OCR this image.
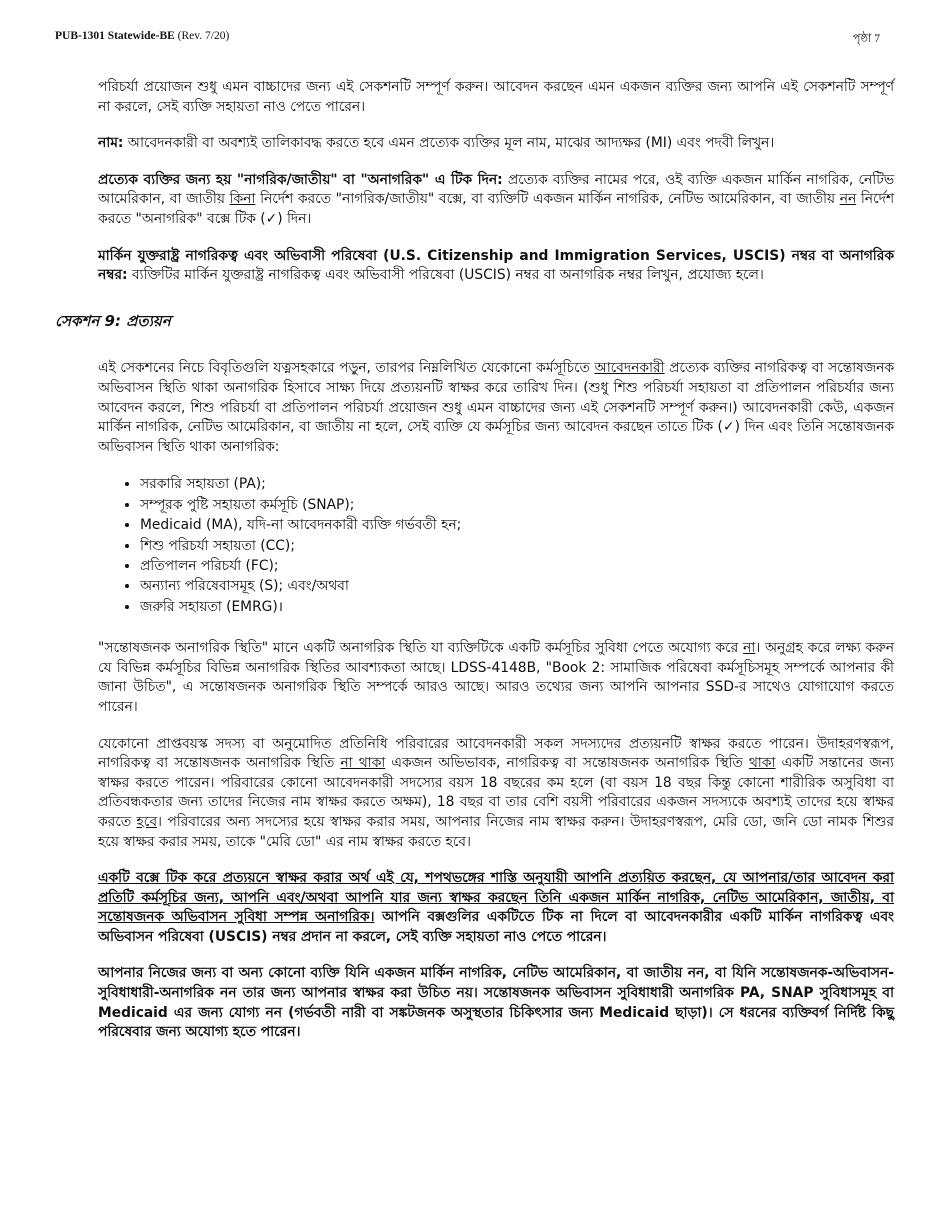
PUB-1301 Statewide-BE (Rev. 7/20)	পৃষ্ঠা 7

পরিচর্যা প্রয়োজন শুধু এমন বাচ্চাদের জন্য এই সেকশনটি সম্পূর্ণ করুন। আবেদন করছেন এমন একজন ব্যক্তির জন্য আপনি এই সেকশনটি সম্পূর্ণ না করলে, সেই ব্যক্তি সহায়তা নাও পেতে পারেন।

নাম: আবেদনকারী বা অবশ্যই তালিকাবদ্ধ করতে হবে এমন প্রত্যেক ব্যক্তির মূল নাম, মাঝের আদ্যক্ষর (MI) এবং পদবী লিখুন।

প্রত্যেক ব্যক্তির জন্য হয় "নাগরিক/জাতীয়" বা "অনাগরিক" এ টিক দিন: প্রত্যেক ব্যক্তির নামের পরে, ওই ব্যক্তি একজন মার্কিন নাগরিক, নেটিভ আমেরিকান, বা জাতীয় কিনা নির্দেশ করতে "নাগরিক/জাতীয়" বক্সে, বা ব্যক্তিটি একজন মার্কিন নাগরিক, নেটিভ আমেরিকান, বা জাতীয় নন নির্দেশ করতে "অনাগরিক" বক্সে টিক (✓) দিন।

মার্কিন যুক্তরাষ্ট্র নাগরিকত্ব এবং অভিবাসী পরিষেবা (U.S. Citizenship and Immigration Services, USCIS) নম্বর বা অনাগরিক নম্বর: ব্যক্তিটির মার্কিন যুক্তরাষ্ট্র নাগরিকত্ব এবং অভিবাসী পরিষেবা (USCIS) নম্বর বা অনাগরিক নম্বর লিখুন, প্রযোজ্য হলে।

সেকশন 9: প্রত্যয়ন

এই সেকশনের নিচে বিবৃতিগুলি যত্নসহকারে পড়ুন, তারপর নিম্নলিখিত যেকোনো কর্মসূচিতে আবেদনকারী প্রত্যেক ব্যক্তির নাগরিকত্ব বা সন্তোষজনক অভিবাসন স্থিতি থাকা অনাগরিক হিসাবে সাক্ষ্য দিয়ে প্রত্যয়নটি স্বাক্ষর করে তারিখ দিন। (শুধু শিশু পরিচর্যা সহায়তা বা প্রতিপালন পরিচর্যার জন্য আবেদন করলে, শিশু পরিচর্যা বা প্রতিপালন পরিচর্যা প্রয়োজন শুধু এমন বাচ্চাদের জন্য এই সেকশনটি সম্পূর্ণ করুন।) আবেদনকারী কেউ, একজন মার্কিন নাগরিক, নেটিভ আমেরিকান, বা জাতীয় না হলে, সেই ব্যক্তি যে কর্মসূচির জন্য আবেদন করছেন তাতে টিক (✓) দিন এবং তিনি সন্তোষজনক অভিবাসন স্থিতি থাকা অনাগরিক:

• সরকারি সহায়তা (PA);
• সম্পূরক পুষ্টি সহায়তা কর্মসূচি (SNAP);
• Medicaid (MA), যদি-না আবেদনকারী ব্যক্তি গর্ভবতী হন;
• শিশু পরিচর্যা সহায়তা (CC);
• প্রতিপালন পরিচর্যা (FC);
• অন্যান্য পরিষেবাসমূহ (S); এবং/অথবা
• জরুরি সহায়তা (EMRG)।

"সন্তোষজনক অনাগরিক স্থিতি" মানে একটি অনাগরিক স্থিতি যা ব্যক্তিটিকে একটি কর্মসূচির সুবিধা পেতে অযোগ্য করে না। অনুগ্রহ করে লক্ষ্য করুন যে বিভিন্ন কর্মসূচির বিভিন্ন অনাগরিক স্থিতির আবশ্যকতা আছে। LDSS-4148B, "Book 2: সামাজিক পরিষেবা কর্মসূচিসমূহ সম্পর্কে আপনার কী জানা উচিত", এ সন্তোষজনক অনাগরিক স্থিতি সম্পর্কে আরও আছে। আরও তথ্যের জন্য আপনি আপনার SSD-র সাথেও যোগাযোগ করতে পারেন।

যেকোনো প্রাপ্তবয়স্ক সদস্য বা অনুমোদিত প্রতিনিধি পরিবারের আবেদনকারী সকল সদস্যদের প্রত্যয়নটি স্বাক্ষর করতে পারেন। উদাহরণস্বরূপ, নাগরিকত্ব বা সন্তোষজনক অনাগরিক স্থিতি না থাকা একজন অভিভাবক, নাগরিকত্ব বা সন্তোষজনক অনাগরিক স্থিতি থাকা একটি সন্তানের জন্য স্বাক্ষর করতে পারেন। পরিবারের কোনো আবেদনকারী সদস্যের বয়স 18 বছরের কম হলে (বা বয়স 18 বছর কিন্তু কোনো শারীরিক অসুবিধা বা প্রতিবন্ধকতার জন্য তাদের নিজের নাম স্বাক্ষর করতে অক্ষম), 18 বছর বা তার বেশি বয়সী পরিবারের একজন সদস্যকে অবশ্যই তাদের হয়ে স্বাক্ষর করতে হবে। পরিবারের অন্য সদস্যের হয়ে স্বাক্ষর করার সময়, আপনার নিজের নাম স্বাক্ষর করুন। উদাহরণস্বরূপ, মেরি ডো, জনি ডো নামক শিশুর হয়ে স্বাক্ষর করার সময়, তাকে "মেরি ডো" এর নাম স্বাক্ষর করতে হবে।

একটি বক্সে টিক করে প্রত্যয়নে স্বাক্ষর করার অর্থ এই যে, শপথভঙ্গের শাস্তি অনুযায়ী আপনি প্রত্যয়িত করছেন, যে আপনার/তার আবেদন করা প্রতিটি কর্মসূচির জন্য, আপনি এবং/অথবা আপনি যার জন্য স্বাক্ষর করছেন তিনি একজন মার্কিন নাগরিক, নেটিভ আমেরিকান, জাতীয়, বা সন্তোষজনক অভিবাসন সুবিধা সম্পন্ন অনাগরিক। আপনি বক্সগুলির একটিতে টিক না দিলে বা আবেদনকারীর একটি মার্কিন নাগরিকত্ব এবং অভিবাসন পরিষেবা (USCIS) নম্বর প্রদান না করলে, সেই ব্যক্তি সহায়তা নাও পেতে পারেন।

আপনার নিজের জন্য বা অন্য কোনো ব্যক্তি যিনি একজন মার্কিন নাগরিক, নেটিভ আমেরিকান, বা জাতীয় নন, বা যিনি সন্তোষজনক-অভিবাসন-সুবিধাধারী-অনাগরিক নন তার জন্য আপনার স্বাক্ষর করা উচিত নয়। সন্তোষজনক অভিবাসন সুবিধাধারী অনাগরিক PA, SNAP সুবিধাসমূহ বা Medicaid এর জন্য যোগ্য নন (গর্ভবতী নারী বা সঙ্কটজনক অসুস্থতার চিকিৎসার জন্য Medicaid ছাড়া)। সে ধরনের ব্যক্তিবর্গ নির্দিষ্ট কিছু পরিষেবার জন্য অযোগ্য হতে পারেন।
